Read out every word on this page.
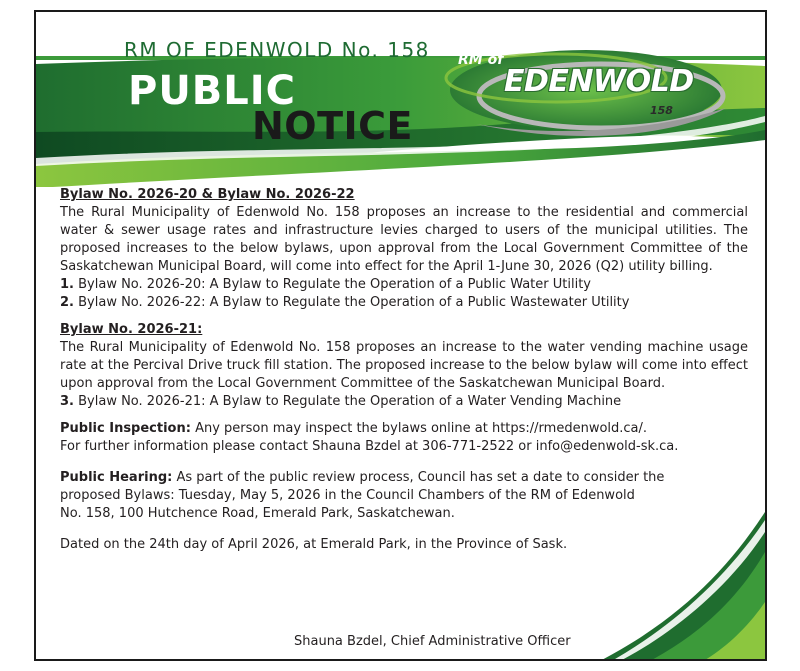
RM OF EDENWOLD No. 158
PUBLIC
NOTICE
RM of
EDENWOLD
158

Bylaw No. 2026-20 & Bylaw No. 2026-22

The Rural Municipality of Edenwold No. 158 proposes an increase to the residential and commercial water & sewer usage rates and infrastructure levies charged to users of the municipal utilities. The proposed increases to the below bylaws, upon approval from the Local Government Committee of the Saskatchewan Municipal Board, will come into effect for the April 1-June 30, 2026 (Q2) utility billing.

1. Bylaw No. 2026-20: A Bylaw to Regulate the Operation of a Public Water Utility

2. Bylaw No. 2026-22: A Bylaw to Regulate the Operation of a Public Wastewater Utility

Bylaw No. 2026-21:

The Rural Municipality of Edenwold No. 158 proposes an increase to the water vending machine usage rate at the Percival Drive truck fill station. The proposed increase to the below bylaw will come into effect upon approval from the Local Government Committee of the Saskatchewan Municipal Board.

3. Bylaw No. 2026-21: A Bylaw to Regulate the Operation of a Water Vending Machine

Public Inspection: Any person may inspect the bylaws online at https://rmedenwold.ca/.

For further information please contact Shauna Bzdel at 306-771-2522 or info@edenwold-sk.ca.

Public Hearing: As part of the public review process, Council has set a date to consider the

proposed Bylaws: Tuesday, May 5, 2026 in the Council Chambers of the RM of Edenwold

No. 158, 100 Hutchence Road, Emerald Park, Saskatchewan.

Dated on the 24th day of April 2026, at Emerald Park, in the Province of Sask.

Shauna Bzdel, Chief Administrative Officer
